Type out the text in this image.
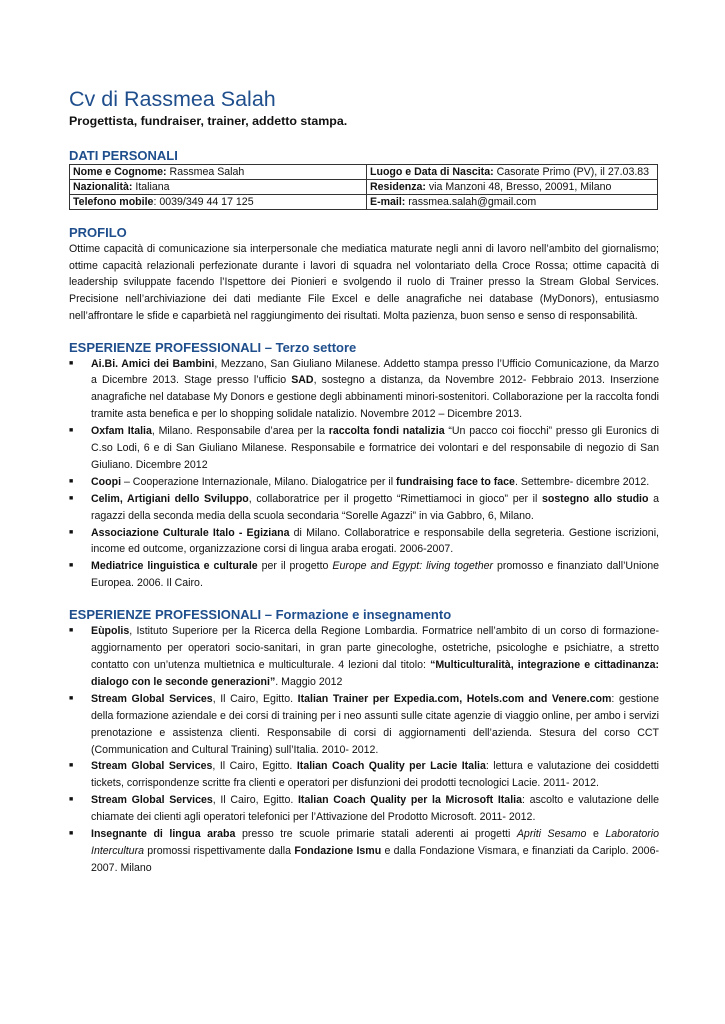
Cv di Rassmea Salah

Progettista, fundraiser, trainer, addetto stampa.

DATI PERSONALI
Nome e Cognome: Rassmea Salah	Luogo e Data di Nascita: Casorate Primo (PV), il 27.03.83
Nazionalità: Italiana	Residenza: via Manzoni 48, Bresso, 20091, Milano
Telefono mobile: 0039/349 44 17 125	E-mail: rassmea.salah@gmail.com
PROFILO

Ottime capacità di comunicazione sia interpersonale che mediatica maturate negli anni di lavoro nell’ambito del giornalismo; ottime capacità relazionali perfezionate durante i lavori di squadra nel volontariato della Croce Rossa; ottime capacità di leadership sviluppate facendo l’Ispettore dei Pionieri e svolgendo il ruolo di Trainer presso la Stream Global Services. Precisione nell’archiviazione dei dati mediante File Excel e delle anagrafiche nei database (MyDonors), entusiasmo nell’affrontare le sfide e caparbietà nel raggiungimento dei risultati. Molta pazienza, buon senso e senso di responsabilità.

ESPERIENZE PROFESSIONALI – Terzo settore
■ Ai.Bi. Amici dei Bambini, Mezzano, San Giuliano Milanese. Addetto stampa presso l’Ufficio Comunicazione, da Marzo a Dicembre 2013. Stage presso l’ufficio SAD, sostegno a distanza, da Novembre 2012- Febbraio 2013. Inserzione anagrafiche nel database My Donors e gestione degli abbinamenti minori-sostenitori. Collaborazione per la raccolta fondi tramite asta benefica e per lo shopping solidale natalizio. Novembre 2012 – Dicembre 2013.
■ Oxfam Italia, Milano. Responsabile d’area per la raccolta fondi natalizia “Un pacco coi fiocchi” presso gli Euronics di C.so Lodi, 6 e di San Giuliano Milanese. Responsabile e formatrice dei volontari e del responsabile di negozio di San Giuliano. Dicembre 2012
■ Coopi – Cooperazione Internazionale, Milano. Dialogatrice per il fundraising face to face. Settembre- dicembre 2012.
■ Celim, Artigiani dello Sviluppo, collaboratrice per il progetto “Rimettiamoci in gioco” per il sostegno allo studio a ragazzi della seconda media della scuola secondaria “Sorelle Agazzi” in via Gabbro, 6, Milano.
■ Associazione Culturale Italo - Egiziana di Milano. Collaboratrice e responsabile della segreteria. Gestione iscrizioni, income ed outcome, organizzazione corsi di lingua araba erogati. 2006-2007.
■ Mediatrice linguistica e culturale per il progetto Europe and Egypt: living together promosso e finanziato dall’Unione Europea. 2006. Il Cairo.
ESPERIENZE PROFESSIONALI – Formazione e insegnamento
■ Eùpolis, Istituto Superiore per la Ricerca della Regione Lombardia. Formatrice nell’ambito di un corso di formazione-aggiornamento per operatori socio-sanitari, in gran parte ginecologhe, ostetriche, psicologhe e psichiatre, a stretto contatto con un’utenza multietnica e multiculturale. 4 lezioni dal titolo: “Multiculturalità, integrazione e cittadinanza: dialogo con le seconde generazioni”. Maggio 2012
■ Stream Global Services, Il Cairo, Egitto. Italian Trainer per Expedia.com, Hotels.com and Venere.com: gestione della formazione aziendale e dei corsi di training per i neo assunti sulle citate agenzie di viaggio online, per ambo i servizi prenotazione e assistenza clienti. Responsabile di corsi di aggiornamenti dell’azienda. Stesura del corso CCT (Communication and Cultural Training) sull’Italia. 2010- 2012.
■ Stream Global Services, Il Cairo, Egitto. Italian Coach Quality per Lacie Italia: lettura e valutazione dei cosiddetti tickets, corrispondenze scritte fra clienti e operatori per disfunzioni dei prodotti tecnologici Lacie. 2011- 2012.
■ Stream Global Services, Il Cairo, Egitto. Italian Coach Quality per la Microsoft Italia: ascolto e valutazione delle chiamate dei clienti agli operatori telefonici per l’Attivazione del Prodotto Microsoft. 2011- 2012.
■ Insegnante di lingua araba presso tre scuole primarie statali aderenti ai progetti Apriti Sesamo e Laboratorio Intercultura promossi rispettivamente dalla Fondazione Ismu e dalla Fondazione Vismara, e finanziati da Cariplo. 2006-2007. Milano
